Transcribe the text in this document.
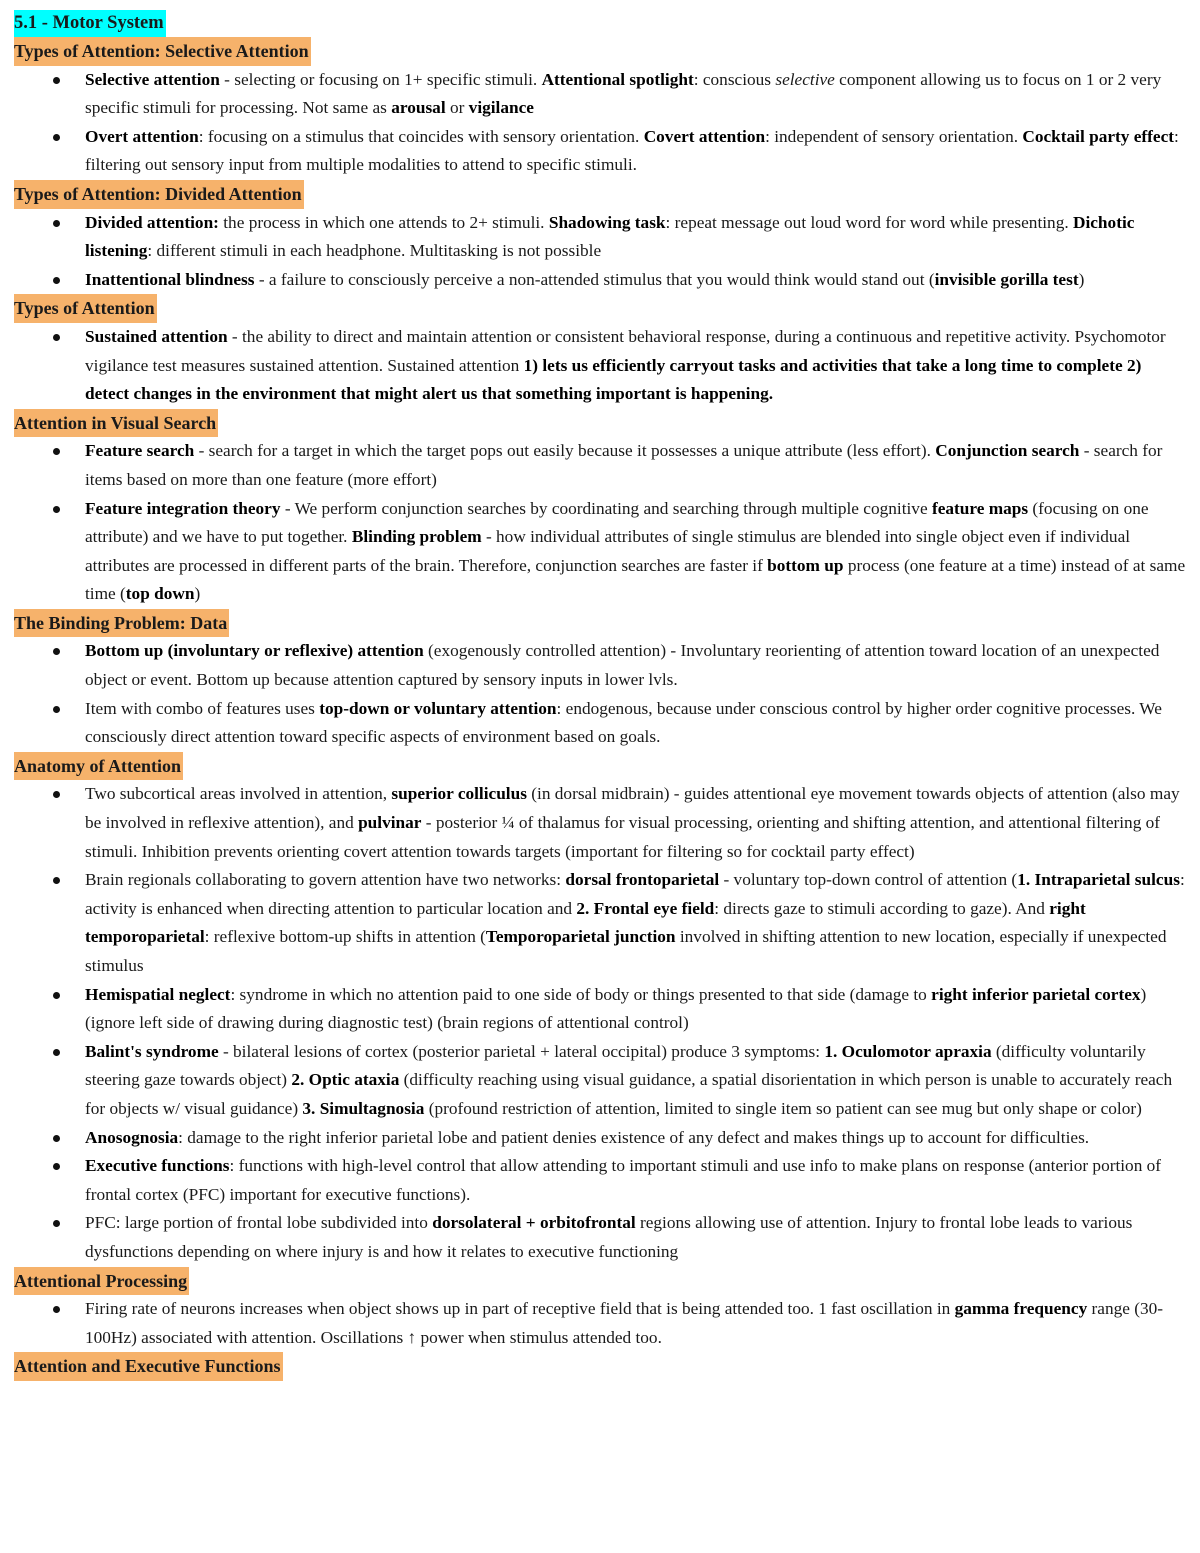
5.1 - Motor System
Types of Attention: Selective Attention
Selective attention - selecting or focusing on 1+ specific stimuli. Attentional spotlight: conscious selective component allowing us to focus on 1 or 2 very specific stimuli for processing. Not same as arousal or vigilance
Overt attention: focusing on a stimulus that coincides with sensory orientation. Covert attention: independent of sensory orientation. Cocktail party effect: filtering out sensory input from multiple modalities to attend to specific stimuli.
Types of Attention: Divided Attention
Divided attention: the process in which one attends to 2+ stimuli. Shadowing task: repeat message out loud word for word while presenting. Dichotic listening: different stimuli in each headphone. Multitasking is not possible
Inattentional blindness - a failure to consciously perceive a non-attended stimulus that you would think would stand out (invisible gorilla test)
Types of Attention
Sustained attention - the ability to direct and maintain attention or consistent behavioral response, during a continuous and repetitive activity. Psychomotor vigilance test measures sustained attention. Sustained attention 1) lets us efficiently carryout tasks and activities that take a long time to complete 2) detect changes in the environment that might alert us that something important is happening.
Attention in Visual Search
Feature search - search for a target in which the target pops out easily because it possesses a unique attribute (less effort). Conjunction search - search for items based on more than one feature (more effort)
Feature integration theory - We perform conjunction searches by coordinating and searching through multiple cognitive feature maps (focusing on one attribute) and we have to put together. Blinding problem - how individual attributes of single stimulus are blended into single object even if individual attributes are processed in different parts of the brain. Therefore, conjunction searches are faster if bottom up process (one feature at a time) instead of at same time (top down)
The Binding Problem: Data
Bottom up (involuntary or reflexive) attention (exogenously controlled attention) - Involuntary reorienting of attention toward location of an unexpected object or event. Bottom up because attention captured by sensory inputs in lower lvls.
Item with combo of features uses top-down or voluntary attention: endogenous, because under conscious control by higher order cognitive processes. We consciously direct attention toward specific aspects of environment based on goals.
Anatomy of Attention
Two subcortical areas involved in attention, superior colliculus (in dorsal midbrain) - guides attentional eye movement towards objects of attention (also may be involved in reflexive attention), and pulvinar - posterior ¼ of thalamus for visual processing, orienting and shifting attention, and attentional filtering of stimuli. Inhibition prevents orienting covert attention towards targets (important for filtering so for cocktail party effect)
Brain regionals collaborating to govern attention have two networks: dorsal frontoparietal - voluntary top-down control of attention (1. Intraparietal sulcus: activity is enhanced when directing attention to particular location and 2. Frontal eye field: directs gaze to stimuli according to gaze). And right temporoparietal: reflexive bottom-up shifts in attention (Temporoparietal junction involved in shifting attention to new location, especially if unexpected stimulus
Hemispatial neglect: syndrome in which no attention paid to one side of body or things presented to that side (damage to right inferior parietal cortex) (ignore left side of drawing during diagnostic test) (brain regions of attentional control)
Balint's syndrome - bilateral lesions of cortex (posterior parietal + lateral occipital) produce 3 symptoms: 1. Oculomotor apraxia (difficulty voluntarily steering gaze towards object) 2. Optic ataxia (difficulty reaching using visual guidance, a spatial disorientation in which person is unable to accurately reach for objects w/ visual guidance) 3. Simultagnosia (profound restriction of attention, limited to single item so patient can see mug but only shape or color)
Anosognosia: damage to the right inferior parietal lobe and patient denies existence of any defect and makes things up to account for difficulties.
Executive functions: functions with high-level control that allow attending to important stimuli and use info to make plans on response (anterior portion of frontal cortex (PFC) important for executive functions).
PFC: large portion of frontal lobe subdivided into dorsolateral + orbitofrontal regions allowing use of attention. Injury to frontal lobe leads to various dysfunctions depending on where injury is and how it relates to executive functioning
Attentional Processing
Firing rate of neurons increases when object shows up in part of receptive field that is being attended too. 1 fast oscillation in gamma frequency range (30-100Hz) associated with attention. Oscillations ↑ power when stimulus attended too.
Attention and Executive Functions
